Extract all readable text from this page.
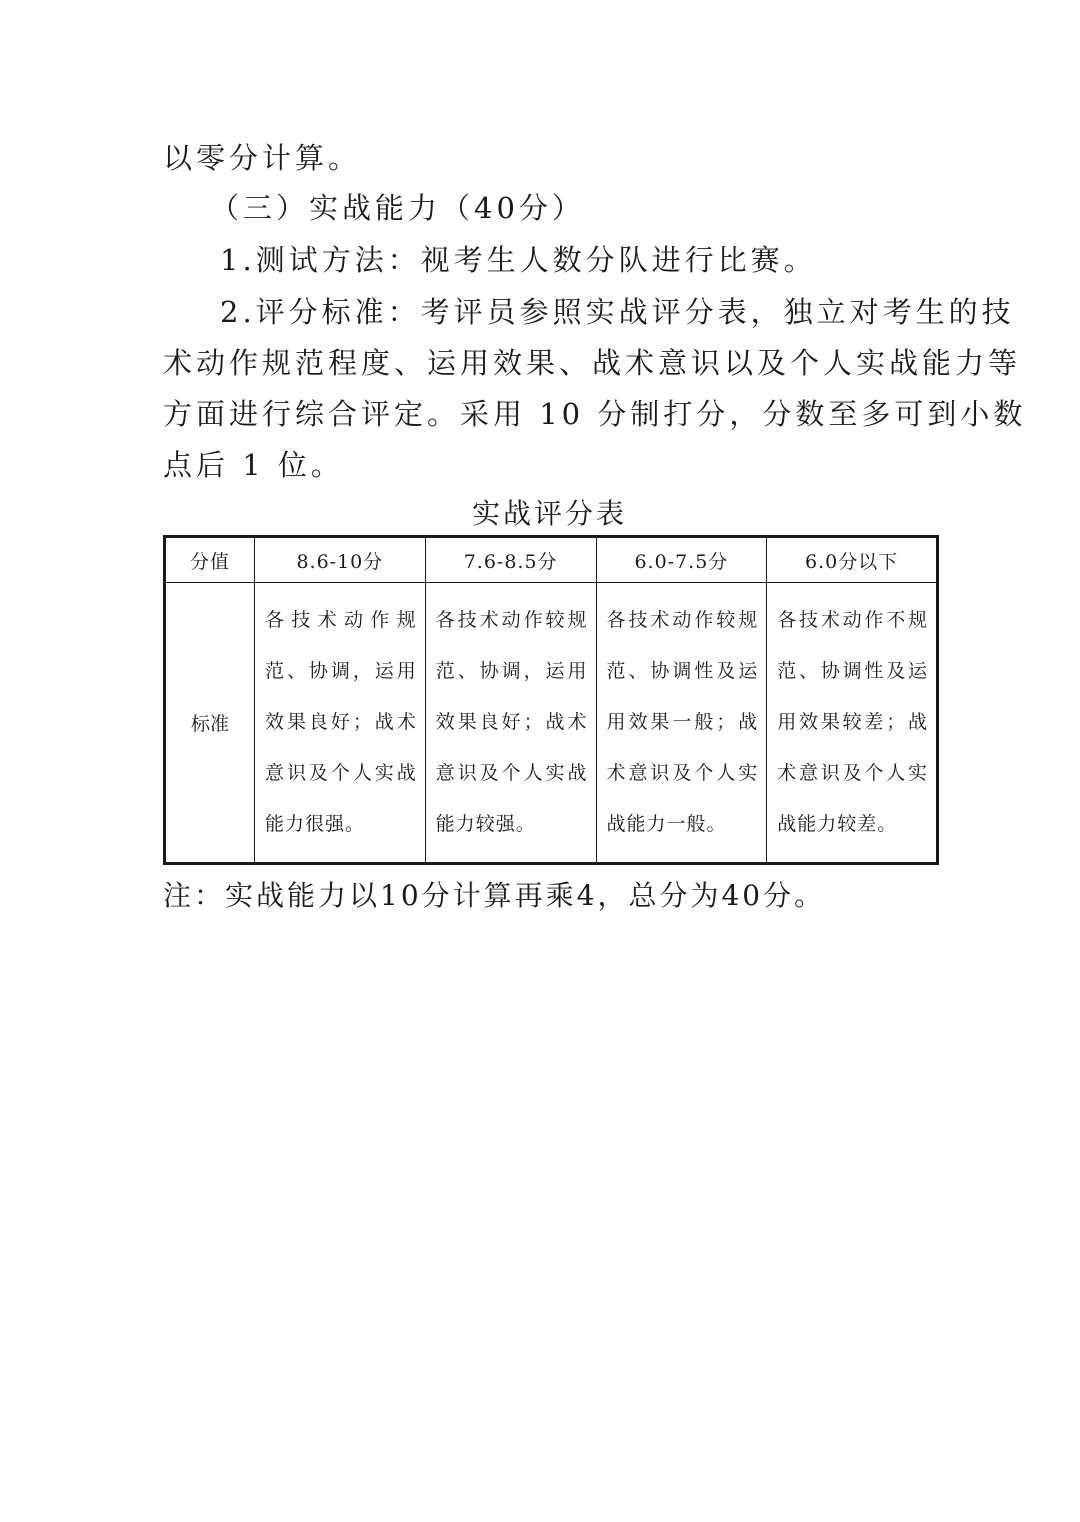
以零分计算。
（三）实战能力（40分）
1.测试方法：视考生人数分队进行比赛。
2.评分标准：考评员参照实战评分表，独立对考生的技
术动作规范程度、运用效果、战术意识以及个人实战能力等
方面进行综合评定。采用 10 分制打分，分数至多可到小数
点后 1 位。
实战评分表
分值	8.6-10分	7.6-8.5分	6.0-7.5分	6.0分以下
标准	各技术动作规范、协调，运用效果良好；战术意识及个人实战能力很强。	各技术动作较规范、协调，运用效果良好；战术意识及个人实战能力较强。	各技术动作较规范、协调性及运用效果一般；战术意识及个人实战能力一般。	各技术动作不规范、协调性及运用效果较差；战术意识及个人实战能力较差。
注：实战能力以10分计算再乘4，总分为40分。
